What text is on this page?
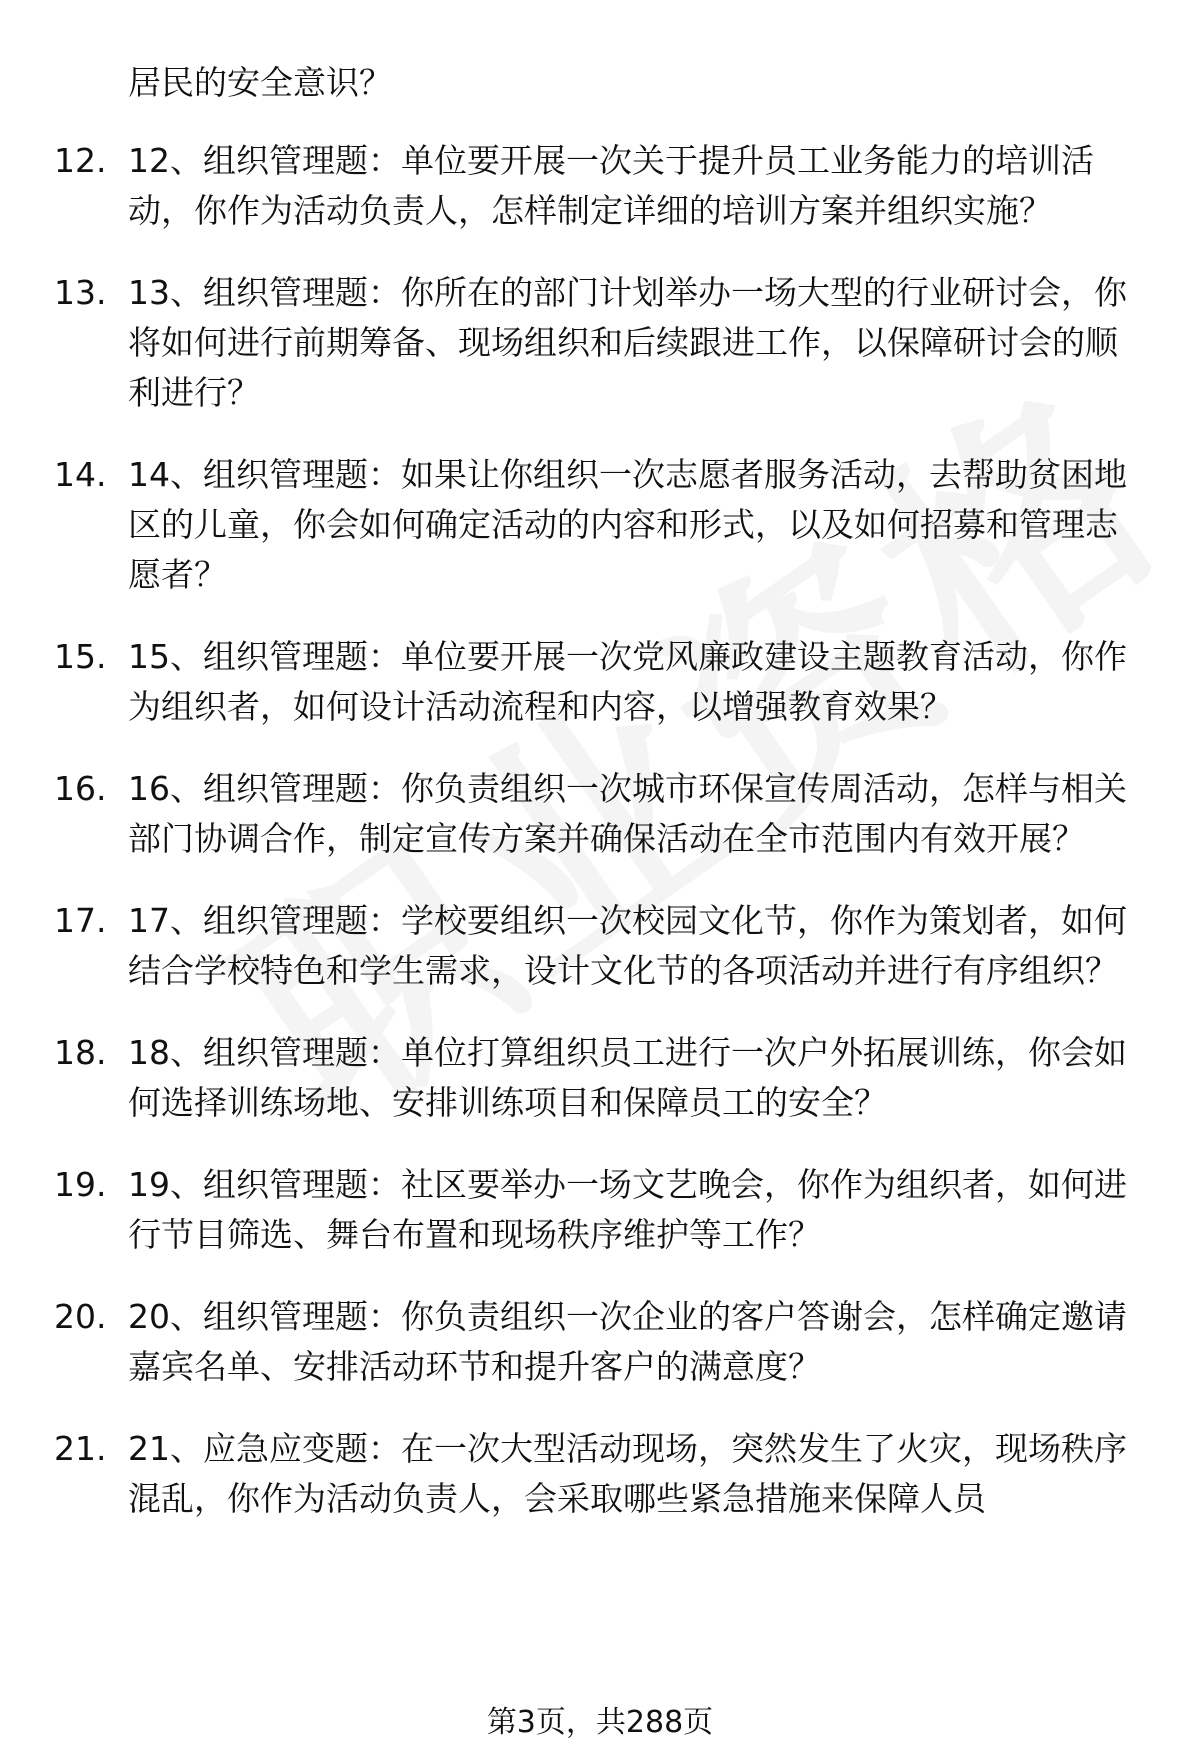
居民的安全意识？
12. 12、组织管理题：单位要开展一次关于提升员工业务能力的培训活动，你作为活动负责人，怎样制定详细的培训方案并组织实施？
13. 13、组织管理题：你所在的部门计划举办一场大型的行业研讨会，你将如何进行前期筹备、现场组织和后续跟进工作，以保障研讨会的顺利进行？
14. 14、组织管理题：如果让你组织一次志愿者服务活动，去帮助贫困地区的儿童，你会如何确定活动的内容和形式，以及如何招募和管理志愿者？
15. 15、组织管理题：单位要开展一次党风廉政建设主题教育活动，你作为组织者，如何设计活动流程和内容，以增强教育效果？
16. 16、组织管理题：你负责组织一次城市环保宣传周活动，怎样与相关部门协调合作，制定宣传方案并确保活动在全市范围内有效开展？
17. 17、组织管理题：学校要组织一次校园文化节，你作为策划者，如何结合学校特色和学生需求，设计文化节的各项活动并进行有序组织？
18. 18、组织管理题：单位打算组织员工进行一次户外拓展训练，你会如何选择训练场地、安排训练项目和保障员工的安全？
19. 19、组织管理题：社区要举办一场文艺晚会，你作为组织者，如何进行节目筛选、舞台布置和现场秩序维护等工作？
20. 20、组织管理题：你负责组织一次企业的客户答谢会，怎样确定邀请嘉宾名单、安排活动环节和提升客户的满意度？
21. 21、应急应变题：在一次大型活动现场，突然发生了火灾，现场秩序混乱，你作为活动负责人，会采取哪些紧急措施来保障人员
第3页，共288页
